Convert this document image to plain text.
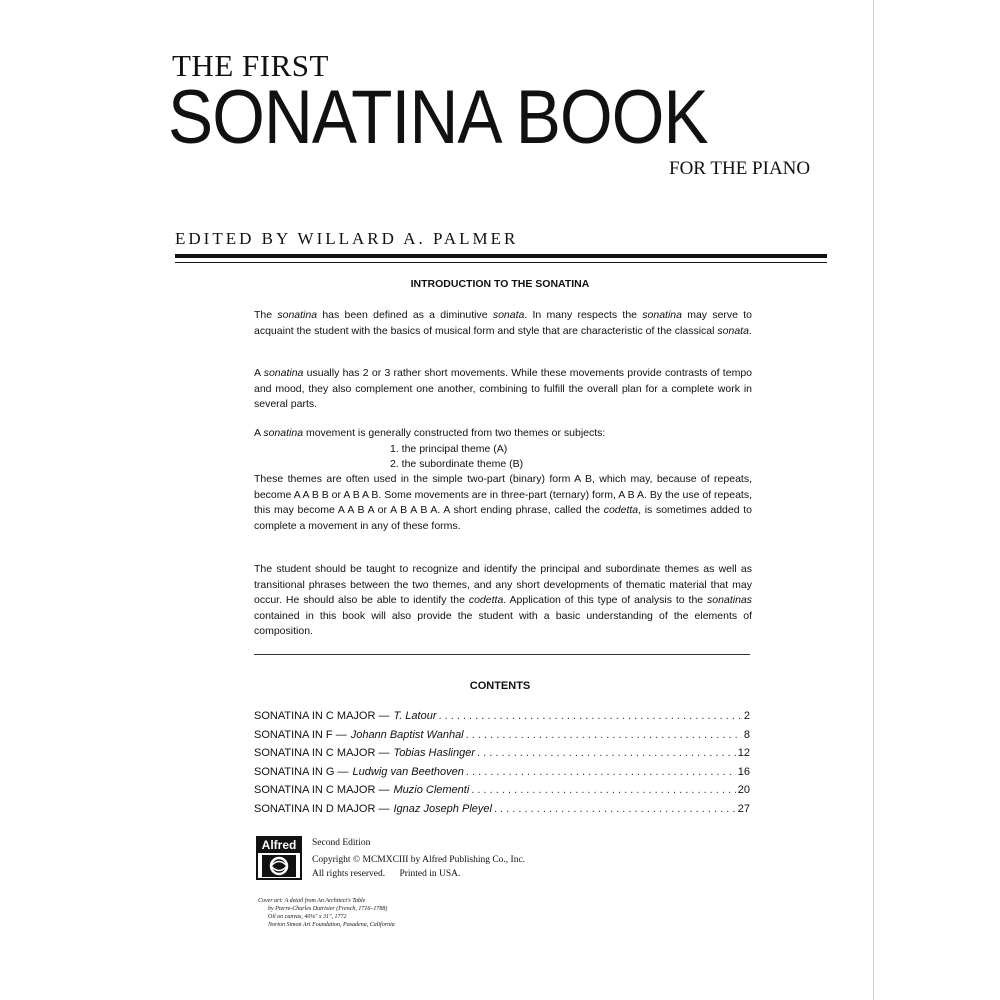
THE FIRST
SONATINA BOOK
FOR THE PIANO
EDITED BY WILLARD A. PALMER
INTRODUCTION TO THE SONATINA
The sonatina has been defined as a diminutive sonata. In many respects the sonatina may serve to acquaint the student with the basics of musical form and style that are characteristic of the classical sonata.
A sonatina usually has 2 or 3 rather short movements. While these movements provide contrasts of tempo and mood, they also complement one another, combining to fulfill the overall plan for a complete work in several parts.
A sonatina movement is generally constructed from two themes or subjects:
1. the principal theme (A)
2. the subordinate theme (B)
These themes are often used in the simple two-part (binary) form A B, which may, because of repeats, become A A B B or A B A B. Some movements are in three-part (ternary) form, A B A. By the use of repeats, this may become A A B A or A B A B A. A short ending phrase, called the codetta, is sometimes added to complete a movement in any of these forms.
The student should be taught to recognize and identify the principal and subordinate themes as well as transitional phrases between the two themes, and any short developments of thematic material that may occur. He should also be able to identify the codetta. Application of this type of analysis to the sonatinas contained in this book will also provide the student with a basic understanding of the elements of composition.
CONTENTS
SONATINA IN C MAJOR — T. Latour . . .	2
SONATINA IN F — Johann Baptist Wanhal . . .	8
SONATINA IN C MAJOR — Tobias Haslinger . . .	12
SONATINA IN G — Ludwig van Beethoven . . .	16
SONATINA IN C MAJOR — Muzio Clementi . . .	20
SONATINA IN D MAJOR — Ignaz Joseph Pleyel . . .	27
Alfred	Second Edition
Copyright © MCMXCIII by Alfred Publishing Co., Inc.
All rights reserved. Printed in USA.
Cover art: A detail from An Architect's Table
by Pierre-Charles Dutrisier (French, 1716–1788)
Oil on canvas, 40⅛" x 31", 1772
Norton Simon Art Foundation, Pasadena, California
